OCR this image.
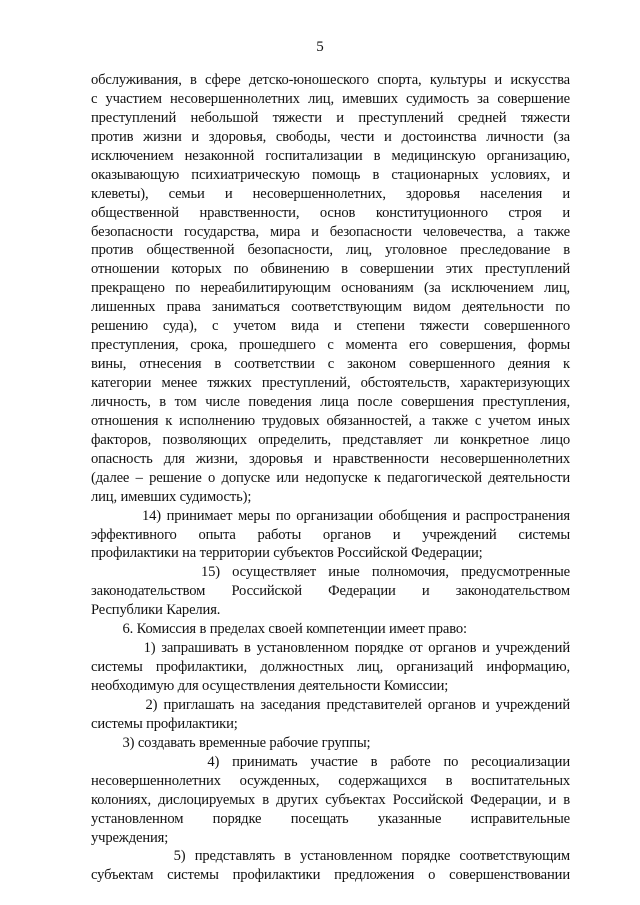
5
обслуживания, в сфере детско-юношеского спорта, культуры и искусства
с участием несовершеннолетних лиц, имевших судимость за совершение
преступлений небольшой тяжести и преступлений средней тяжести
против жизни и здоровья, свободы, чести и достоинства личности (за
исключением незаконной госпитализации в медицинскую организацию,
оказывающую психиатрическую помощь в стационарных условиях, и
клеветы), семьи и несовершеннолетних, здоровья населения и
общественной нравственности, основ конституционного строя и
безопасности государства, мира и безопасности человечества, а также
против общественной безопасности, лиц, уголовное преследование в
отношении которых по обвинению в совершении этих преступлений
прекращено по нереабилитирующим основаниям (за исключением лиц,
лишенных права заниматься соответствующим видом деятельности по
решению суда), с учетом вида и степени тяжести совершенного
преступления, срока, прошедшего с момента его совершения, формы
вины, отнесения в соответствии с законом совершенного деяния к
категории менее тяжких преступлений, обстоятельств, характеризующих
личность, в том числе поведения лица после совершения преступления,
отношения к исполнению трудовых обязанностей, а также с учетом иных
факторов, позволяющих определить, представляет ли конкретное лицо
опасность для жизни, здоровья и нравственности несовершеннолетних
(далее – решение о допуске или недопуске к педагогической деятельности
лиц, имевших судимость);
14) принимает меры по организации обобщения и распространения
эффективного опыта работы органов и учреждений системы
профилактики на территории субъектов Российской Федерации;
15) осуществляет иные полномочия, предусмотренные
законодательством Российской Федерации и законодательством
Республики Карелия.
6. Комиссия в пределах своей компетенции имеет право:
1) запрашивать в установленном порядке от органов и учреждений
системы профилактики, должностных лиц, организаций информацию,
необходимую для осуществления деятельности Комиссии;
2) приглашать на заседания представителей органов и учреждений
системы профилактики;
3) создавать временные рабочие группы;
4) принимать участие в работе по ресоциализации
несовершеннолетних осужденных, содержащихся в воспитательных
колониях, дислоцируемых в других субъектах Российской Федерации, и в
установленном порядке посещать указанные исправительные
учреждения;
5) представлять в установленном порядке соответствующим
субъектам системы профилактики предложения о совершенствовании
